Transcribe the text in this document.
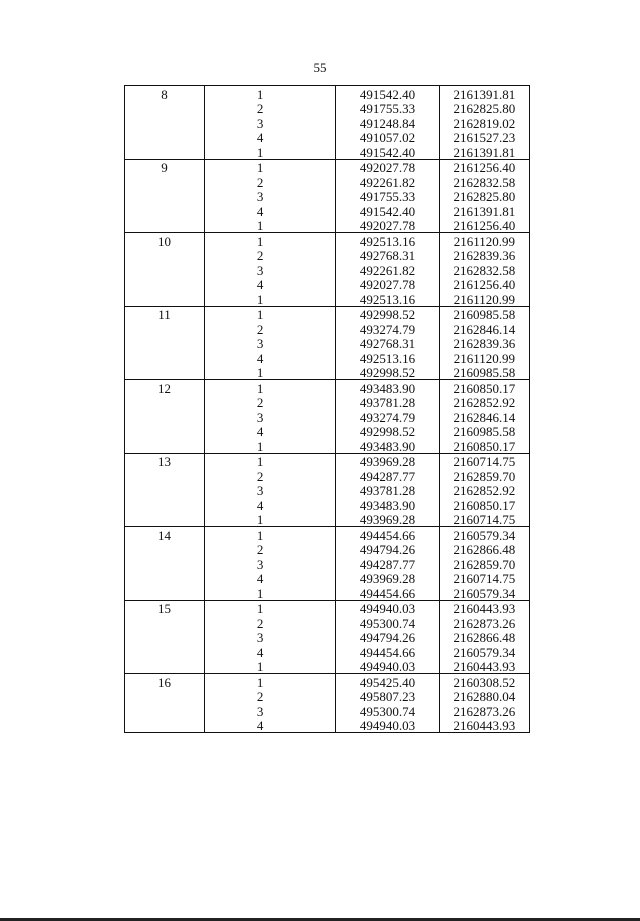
55
8	1	491542.40	2161391.81
	2	491755.33	2162825.80
	3	491248.84	2162819.02
	4	491057.02	2161527.23
	1	491542.40	2161391.81
9	1	492027.78	2161256.40
	2	492261.82	2162832.58
	3	491755.33	2162825.80
	4	491542.40	2161391.81
	1	492027.78	2161256.40
10	1	492513.16	2161120.99
	2	492768.31	2162839.36
	3	492261.82	2162832.58
	4	492027.78	2161256.40
	1	492513.16	2161120.99
11	1	492998.52	2160985.58
	2	493274.79	2162846.14
	3	492768.31	2162839.36
	4	492513.16	2161120.99
	1	492998.52	2160985.58
12	1	493483.90	2160850.17
	2	493781.28	2162852.92
	3	493274.79	2162846.14
	4	492998.52	2160985.58
	1	493483.90	2160850.17
13	1	493969.28	2160714.75
	2	494287.77	2162859.70
	3	493781.28	2162852.92
	4	493483.90	2160850.17
	1	493969.28	2160714.75
14	1	494454.66	2160579.34
	2	494794.26	2162866.48
	3	494287.77	2162859.70
	4	493969.28	2160714.75
	1	494454.66	2160579.34
15	1	494940.03	2160443.93
	2	495300.74	2162873.26
	3	494794.26	2162866.48
	4	494454.66	2160579.34
	1	494940.03	2160443.93
16	1	495425.40	2160308.52
	2	495807.23	2162880.04
	3	495300.74	2162873.26
	4	494940.03	2160443.93
